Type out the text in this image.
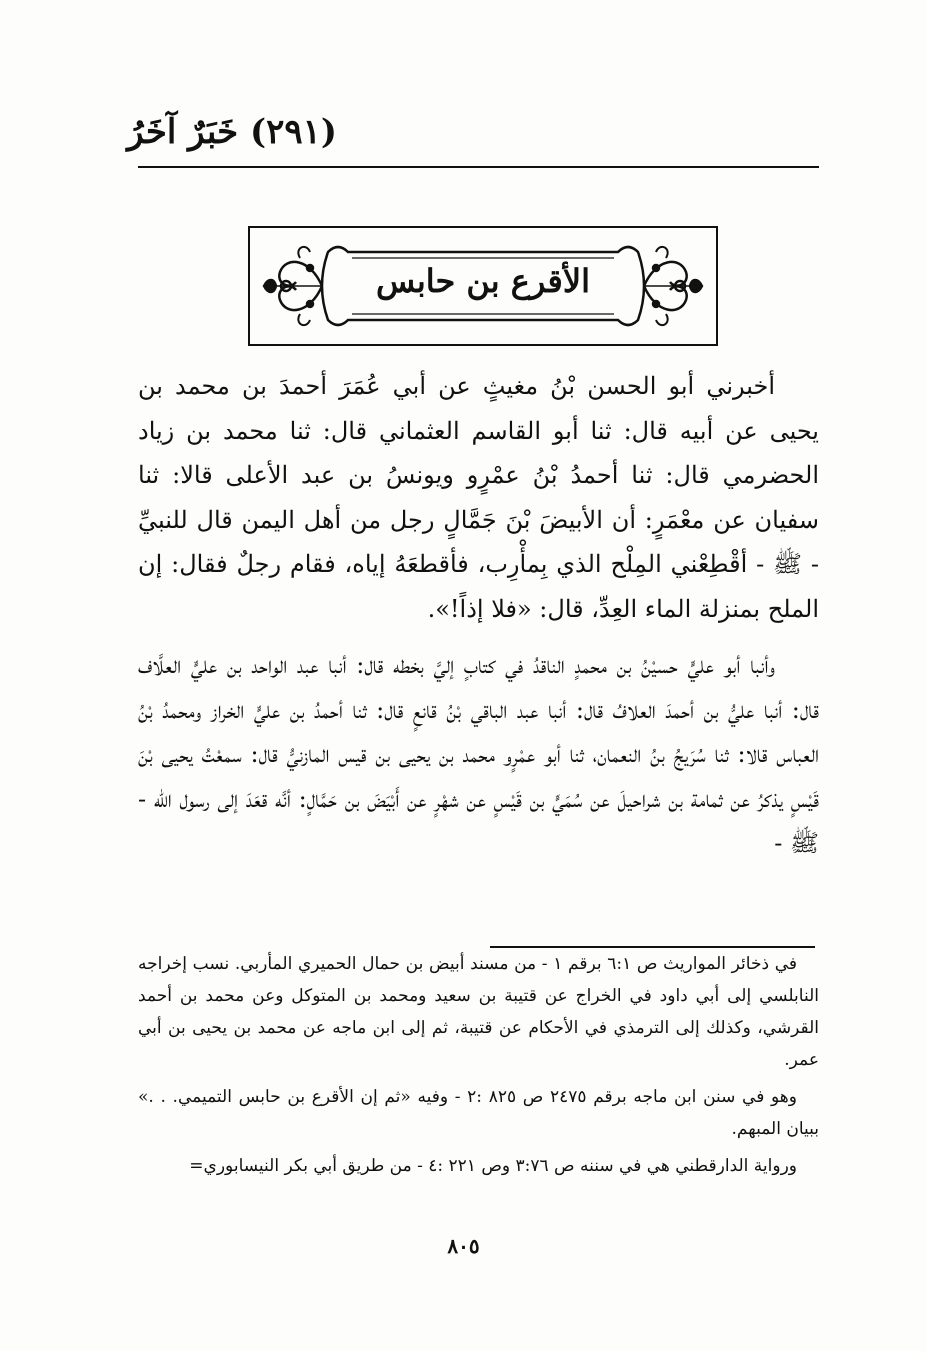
(٢٩١) خَبَرٌ آخَرُ
الأقرع بن حابس

أخبرني أبو الحسن بْنُ مغيثٍ عن أبي عُمَرَ أحمدَ بن محمد بن يحيى عن أبيه قال: ثنا أبو القاسم العثماني قال: ثنا محمد بن زياد الحضرمي قال: ثنا أحمدُ بْنُ عمْرٍو ويونسُ بن عبد الأعلى قالا: ثنا سفيان عن معْمَرٍ: أن الأبيضَ بْنَ جَمَّالٍ رجل من أهل اليمن قال للنبيِّ - ﷺ - أقْطِعْني المِلْح الذي بِمأْرِب، فأقطعَهُ إياه، فقام رجلٌ فقال: إن الملح بمنزلة الماء العِدِّ، قال: «فلا إذاً!».

وأنبا أبو عليٍّ حسيْنُ بن محمدٍ الناقدُ في كتابٍ إليَّ بخطه قال: أنبا عبد الواحد بن عليٍّ العلَّاف قال: أنبا عليُّ بن أحمدَ العلافُ قال: أنبا عبد الباقي بْنُ قانعٍ قال: ثنا أحمدُ بن عليٍّ الخراز ومحمدُ بْنُ العباس قالا: ثنا سُرَيجُ بنُ النعمان، ثنا أبو عمْرٍو محمد بن يحيى بن قيس المازنيُّ قال: سمعْتُ يحيى بْنَ قَيْسٍ يذكرُ عن ثمامة بن شراحيلَ عن سُمَيٍّ بن قَيْسٍ عن شهْرٍ عن أَبْيَضَ بن حَمَّالٍ: أنَّه قعَدَ إلى رسول اللّه - ﷺ -

في ذخائر المواريث ص ٦:١ برقم ١ - من مسند أبيض بن حمال الحميري المأربي. نسب إخراجه النابلسي إلى أبي داود في الخراج عن قتيبة بن سعيد ومحمد بن المتوكل وعن محمد بن أحمد القرشي، وكذلك إلى الترمذي في الأحكام عن قتيبة، ثم إلى ابن ماجه عن محمد بن يحيى بن أبي عمر.

وهو في سنن ابن ماجه برقم ٢٤٧٥ ص ٨٢٥ :٢ - وفيه «ثم إن الأقرع بن حابس التميمي. . .» ببيان المبهم.

ورواية الدارقطني هي في سننه ص ٣:٧٦ وص ٢٢١ :٤ - من طريق أبي بكر النيسابوري=

٨٠٥
